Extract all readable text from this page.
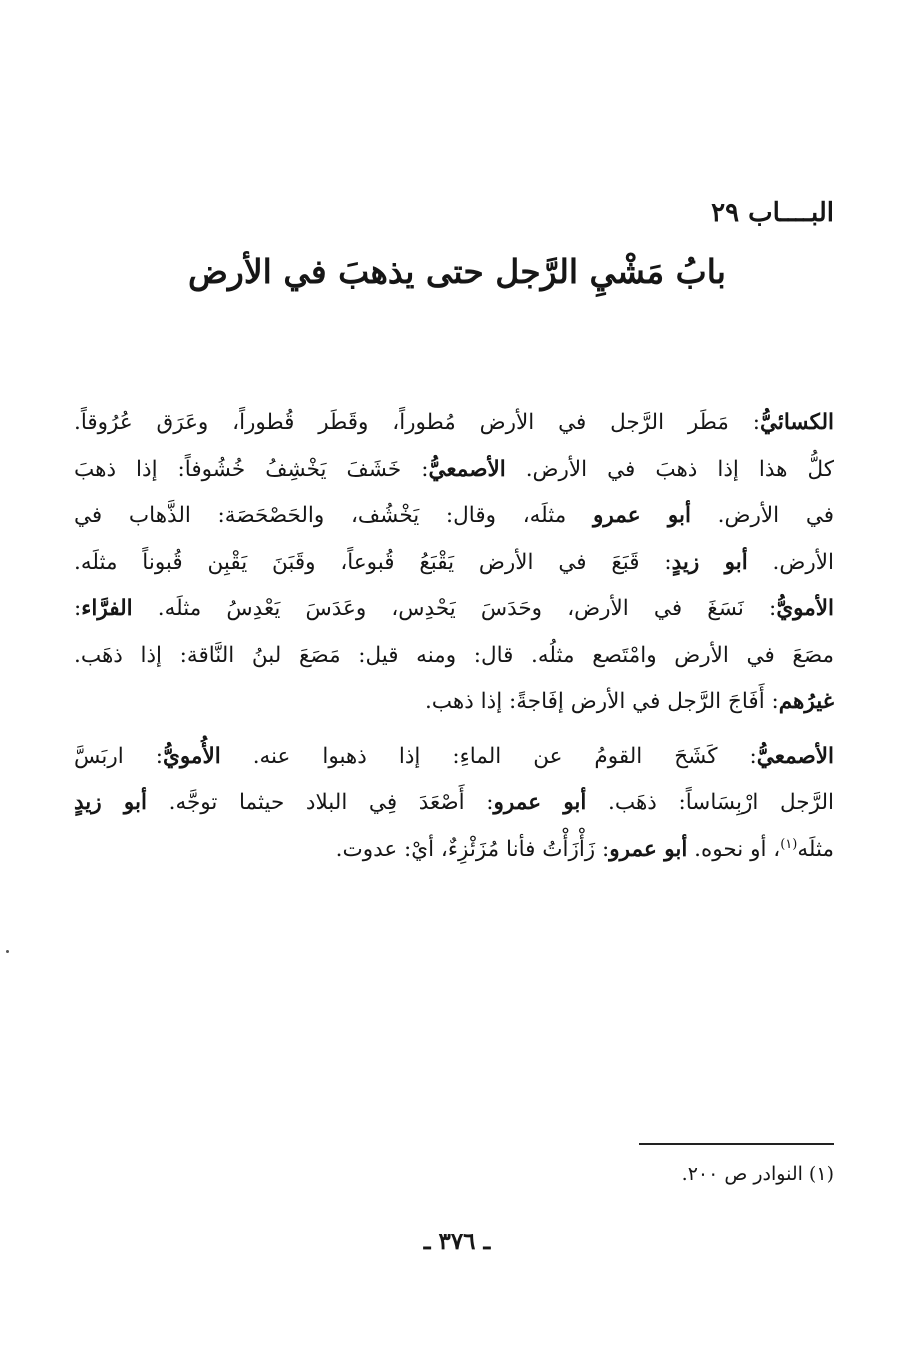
البــــاب ٢٩
بابُ مَشْيِ الرَّجل حتى يذهبَ في الأرض

الكسائيُّ: مَطَر الرَّجل في الأرض مُطوراً، وقَطَر قُطوراً، وعَرَق عُرُوقاً.
كلُّ هذا إذا ذهبَ في الأرض. الأصمعيُّ: خَشَفَ يَخْشِفُ خُشُوفاً: إذا ذهبَ
في الأرض. أبو عمرو مثلَه، وقال: يَخْشُف، والحَصْحَصَة: الذَّهاب في
الأرض. أبو زيدٍ: قَبَعَ في الأرض يَقْبَعُ قُبوعاً، وقَبَنَ يَقْبِن قُبوناً مثلَه.
الأمويُّ: نَسَغَ في الأرض، وحَدَسَ يَحْدِس، وعَدَسَ يَعْدِسُ مثلَه. الفرَّاء:
مصَعَ في الأرض وامْتَصع مثلُه. قال: ومنه قيل: مَصَعَ لبنُ النَّاقة: إذا ذهَب.
غيرُهم: أَفَاجَ الرَّجل في الأرض إفَاجةً: إذا ذهب.

الأصمعيُّ: كَشَحَ القومُ عن الماءِ: إذا ذهبوا عنه. الأُمويُّ: اربَسَّ
الرَّجل ارْبِسَاساً: ذهَب. أبو عمرو: أَصْعَدَ فِي البلاد حيثما توجَّه. أبو زيدٍ
مثلَه$^{(١)}$، أو نحوه. أبو عمرو: زَأْزَأْتُ فأنا مُزَئْزِءٌ، أيْ: عدوت.

(١) النوادر ص ٢٠٠.
ـ ٣٧٦ ـ
